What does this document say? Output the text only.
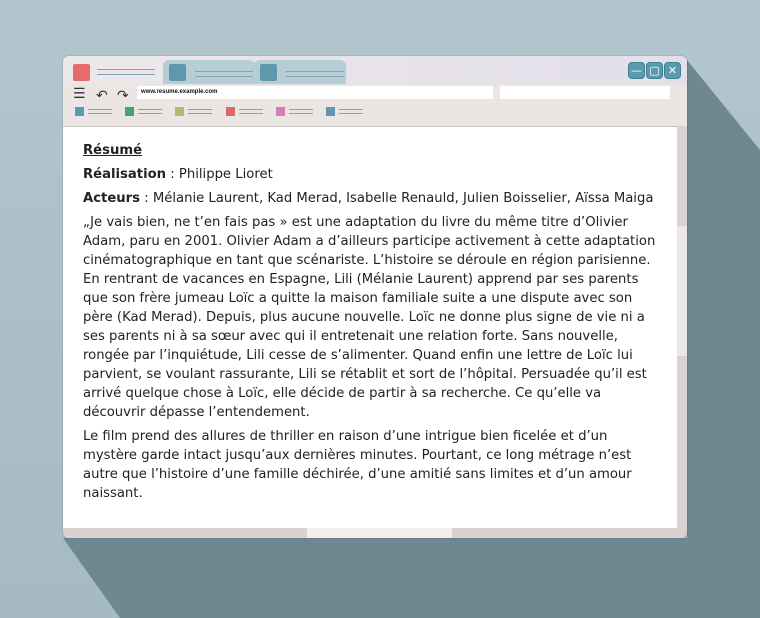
— ▢ ✕
☰ ↶ ↷	www.resume.example.com

Résumé

Réalisation : Philippe Lioret

Acteurs : Mélanie Laurent, Kad Merad, Isabelle Renauld, Julien Boisselier, Aïssa Maiga

„Je vais bien, ne t’en fais pas » est une adaptation du livre du même titre d’Olivier Adam, paru en 2001. Olivier Adam a d’ailleurs participe activement à cette adaptation cinématographique en tant que scénariste. L’histoire se déroule en région parisienne. En rentrant de vacances en Espagne, Lili (Mélanie Laurent) apprend par ses parents que son frère jumeau Loïc a quitte la maison familiale suite a une dispute avec son père (Kad Merad). Depuis, plus aucune nouvelle. Loïc ne donne plus signe de vie ni a ses parents ni à sa sœur avec qui il entretenait une relation forte. Sans nouvelle, rongée par l’inquiétude, Lili cesse de s’alimenter. Quand enfin une lettre de Loïc lui parvient, se voulant rassurante, Lili se rétablit et sort de l’hôpital. Persuadée qu’il est arrivé quelque chose à Loïc, elle décide de partir à sa recherche. Ce qu’elle va découvrir dépasse l’entendement.

Le film prend des allures de thriller en raison d’une intrigue bien ficelée et d’un mystère garde intact jusqu’aux dernières minutes. Pourtant, ce long métrage n’est autre que l’histoire d’une famille déchirée, d’une amitié sans limites et d’un amour naissant.
